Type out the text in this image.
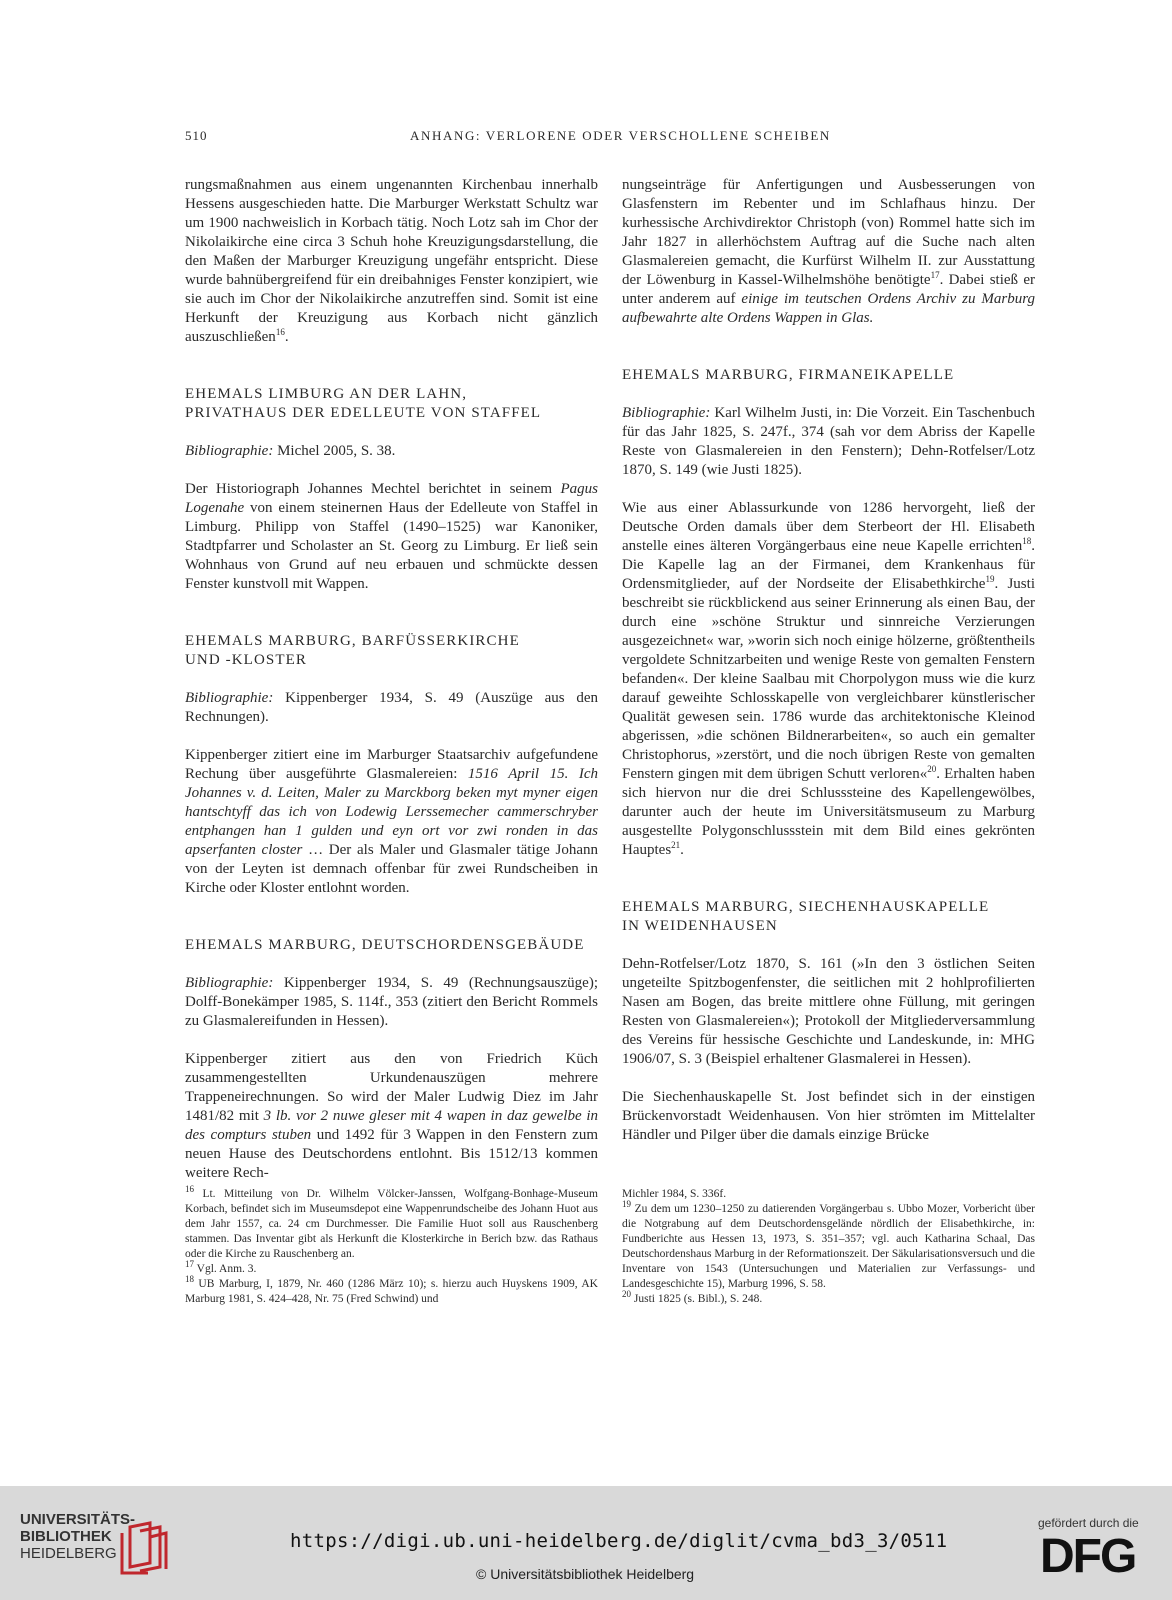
510	ANHANG: VERLORENE ODER VERSCHOLLENE SCHEIBEN

rungsmaßnahmen aus einem ungenannten Kirchenbau innerhalb Hessens ausgeschieden hatte. Die Marburger Werkstatt Schultz war um 1900 nachweislich in Korbach tätig. Noch Lotz sah im Chor der Nikolaikirche eine circa 3 Schuh hohe Kreuzigungsdarstellung, die den Maßen der Marburger Kreuzigung ungefähr entspricht. Diese wurde bahnübergreifend für ein dreibahniges Fenster konzipiert, wie sie auch im Chor der Nikolaikirche anzutreffen sind. Somit ist eine Herkunft der Kreuzigung aus Korbach nicht gänzlich auszuschließen$^{16}$.

EHEMALS LIMBURG AN DER LAHN,
PRIVATHAUS DER EDELLEUTE VON STAFFEL

Bibliographie: Michel 2005, S. 38.

Der Historiograph Johannes Mechtel berichtet in seinem Pagus Logenahe von einem steinernen Haus der Edelleute von Staffel in Limburg. Philipp von Staffel (1490–1525) war Kanoniker, Stadtpfarrer und Scholaster an St. Georg zu Limburg. Er ließ sein Wohnhaus von Grund auf neu erbauen und schmückte dessen Fenster kunstvoll mit Wappen.

EHEMALS MARBURG, BARFÜSSERKIRCHE
UND -KLOSTER

Bibliographie: Kippenberger 1934, S. 49 (Auszüge aus den Rechnungen).

Kippenberger zitiert eine im Marburger Staatsarchiv aufgefundene Rechung über ausgeführte Glasmalereien: 1516 April 15. Ich Johannes v. d. Leiten, Maler zu Marckborg beken myt myner eigen hantschtyff das ich von Lodewig Lerssemecher cammerschryber entphangen han 1 gulden und eyn ort vor zwi ronden in das apserfanten closter … Der als Maler und Glasmaler tätige Johann von der Leyten ist demnach offenbar für zwei Rundscheiben in Kirche oder Kloster entlohnt worden.

EHEMALS MARBURG, DEUTSCHORDENSGEBÄUDE

Bibliographie: Kippenberger 1934, S. 49 (Rechnungsauszüge); Dolff-Bonekämper 1985, S. 114f., 353 (zitiert den Bericht Rommels zu Glasmalereifunden in Hessen).

Kippenberger zitiert aus den von Friedrich Küch zusammengestellten Urkundenauszügen mehrere Trappeneirechnungen. So wird der Maler Ludwig Diez im Jahr 1481/82 mit 3 lb. vor 2 nuwe gleser mit 4 wapen in daz gewelbe in des compturs stuben und 1492 für 3 Wappen in den Fenstern zum neuen Hause des Deutschordens entlohnt. Bis 1512/13 kommen weitere Rech-

nungseinträge für Anfertigungen und Ausbesserungen von Glasfenstern im Rebenter und im Schlafhaus hinzu. Der kurhessische Archivdirektor Christoph (von) Rommel hatte sich im Jahr 1827 in allerhöchstem Auftrag auf die Suche nach alten Glasmalereien gemacht, die Kurfürst Wilhelm II. zur Ausstattung der Löwenburg in Kassel-Wilhelmshöhe benötigte$^{17}$. Dabei stieß er unter anderem auf einige im teutschen Ordens Archiv zu Marburg aufbewahrte alte Ordens Wappen in Glas.

EHEMALS MARBURG, FIRMANEIKAPELLE

Bibliographie: Karl Wilhelm Justi, in: Die Vorzeit. Ein Taschenbuch für das Jahr 1825, S. 247f., 374 (sah vor dem Abriss der Kapelle Reste von Glasmalereien in den Fenstern); Dehn-Rotfelser/Lotz 1870, S. 149 (wie Justi 1825).

Wie aus einer Ablassurkunde von 1286 hervorgeht, ließ der Deutsche Orden damals über dem Sterbeort der Hl. Elisabeth anstelle eines älteren Vorgängerbaus eine neue Kapelle errichten$^{18}$. Die Kapelle lag an der Firmanei, dem Krankenhaus für Ordensmitglieder, auf der Nordseite der Elisabethkirche$^{19}$. Justi beschreibt sie rückblickend aus seiner Erinnerung als einen Bau, der durch eine »schöne Struktur und sinnreiche Verzierungen ausgezeichnet« war, »worin sich noch einige hölzerne, größtentheils vergoldete Schnitzarbeiten und wenige Reste von gemalten Fenstern befanden«. Der kleine Saalbau mit Chorpolygon muss wie die kurz darauf geweihte Schlosskapelle von vergleichbarer künstlerischer Qualität gewesen sein. 1786 wurde das architektonische Kleinod abgerissen, »die schönen Bildnerarbeiten«, so auch ein gemalter Christophorus, »zerstört, und die noch übrigen Reste von gemalten Fenstern gingen mit dem übrigen Schutt verloren«$^{20}$. Erhalten haben sich hiervon nur die drei Schlusssteine des Kapellengewölbes, darunter auch der heute im Universitätsmuseum zu Marburg ausgestellte Polygonschlussstein mit dem Bild eines gekrönten Hauptes$^{21}$.

EHEMALS MARBURG, SIECHENHAUSKAPELLE
IN WEIDENHAUSEN

Dehn-Rotfelser/Lotz 1870, S. 161 (»In den 3 östlichen Seiten ungeteilte Spitzbogenfenster, die seitlichen mit 2 hohlprofilierten Nasen am Bogen, das breite mittlere ohne Füllung, mit geringen Resten von Glasmalereien«); Protokoll der Mitgliederversammlung des Vereins für hessische Geschichte und Landeskunde, in: MHG 1906/07, S. 3 (Beispiel erhaltener Glasmalerei in Hessen).

Die Siechenhauskapelle St. Jost befindet sich in der einstigen Brückenvorstadt Weidenhausen. Von hier strömten im Mittelalter Händler und Pilger über die damals einzige Brücke

$^{16}$ Lt. Mitteilung von Dr. Wilhelm Völcker-Janssen, Wolfgang-Bonhage-Museum Korbach, befindet sich im Museumsdepot eine Wappenrundscheibe des Johann Huot aus dem Jahr 1557, ca. 24 cm Durchmesser. Die Familie Huot soll aus Rauschenberg stammen. Das Inventar gibt als Herkunft die Klosterkirche in Berich bzw. das Rathaus oder die Kirche zu Rauschenberg an.

$^{17}$ Vgl. Anm. 3.

$^{18}$ UB Marburg, I, 1879, Nr. 460 (1286 März 10); s. hierzu auch Huyskens 1909, AK Marburg 1981, S. 424–428, Nr. 75 (Fred Schwind) und

Michler 1984, S. 336f.

$^{19}$ Zu dem um 1230–1250 zu datierenden Vorgängerbau s. Ubbo Mozer, Vorbericht über die Notgrabung auf dem Deutschordensgelände nördlich der Elisabethkirche, in: Fundberichte aus Hessen 13, 1973, S. 351–357; vgl. auch Katharina Schaal, Das Deutschordenshaus Marburg in der Reformationszeit. Der Säkularisationsversuch und die Inventare von 1543 (Untersuchungen und Materialien zur Verfassungs- und Landesgeschichte 15), Marburg 1996, S. 58.

$^{20}$ Justi 1825 (s. Bibl.), S. 248.

UNIVERSITÄTS-
BIBLIOTHEK
HEIDELBERG
https://digi.ub.uni-heidelberg.de/diglit/cvma_bd3_3/0511
© Universitätsbibliothek Heidelberg
gefördert durch die
DFG
